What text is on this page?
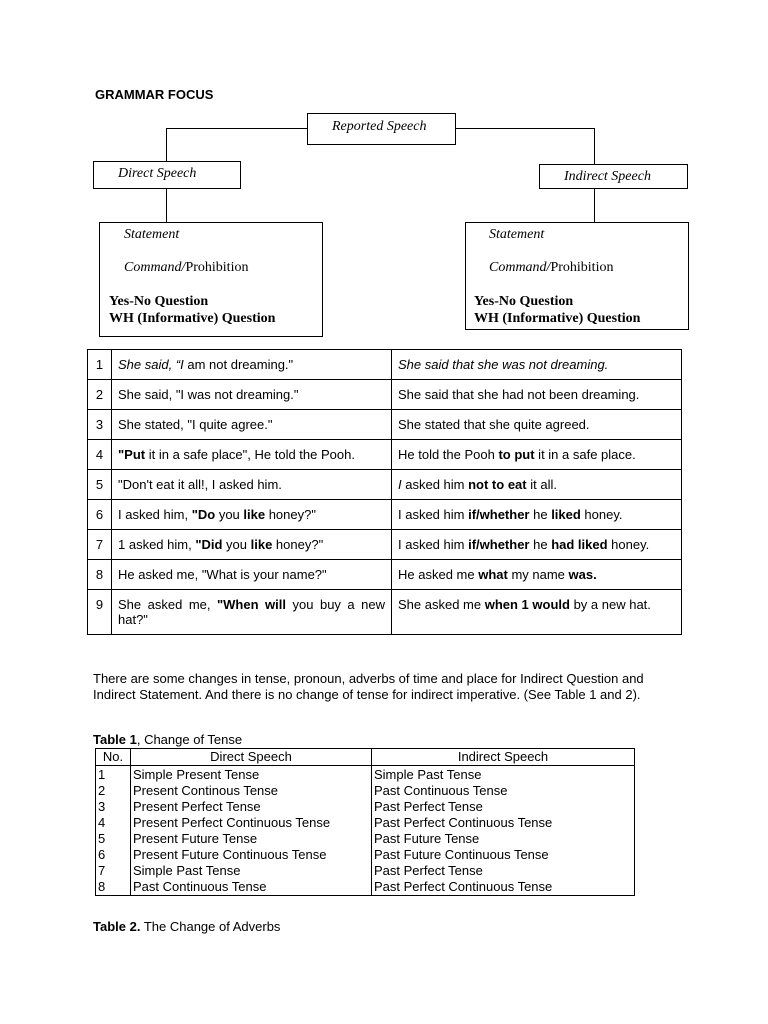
GRAMMAR FOCUS
Reported Speech
Direct Speech	Indirect Speech
Statement
Command/Prohibition
Yes-No Question
WH (Informative) Question
Statement
Command/Prohibition
Yes-No Question
WH (Informative) Question
1	She said, “I am not dreaming."	She said that she was not dreaming.
2	She said, "I was not dreaming."	She said that she had not been dreaming.
3	She stated, "I quite agree."	She stated that she quite agreed.
4	"Put it in a safe place", He told the Pooh.	He told the Pooh to put it in a safe place.
5	"Don't eat it all!, I asked him.	I asked him not to eat it all.
6	I asked him, "Do you like honey?"	I asked him if/whether he liked honey.
7	1 asked him, "Did you like honey?"	I asked him if/whether he had liked honey.
8	He asked me, "What is your name?"	He asked me what my name was.
9	She asked me, "When will you buy a new hat?"	She asked me when 1 would by a new hat.
There are some changes in tense, pronoun, adverbs of time and place for Indirect Question and Indirect Statement. And there is no change of tense for indirect imperative. (See Table 1 and 2).
Table 1, Change of Tense
No.	Direct Speech	Indirect Speech
1	Simple Present Tense	Simple Past Tense
2	Present Continous Tense	Past Continuous Tense
3	Present Perfect Tense	Past Perfect Tense
4	Present Perfect Continuous Tense	Past Perfect Continuous Tense
5	Present Future Tense	Past Future Tense
6	Present Future Continuous Tense	Past Future Continuous Tense
7	Simple Past Tense	Past Perfect Tense
8	Past Continuous Tense	Past Perfect Continuous Tense
Table 2. The Change of Adverbs
